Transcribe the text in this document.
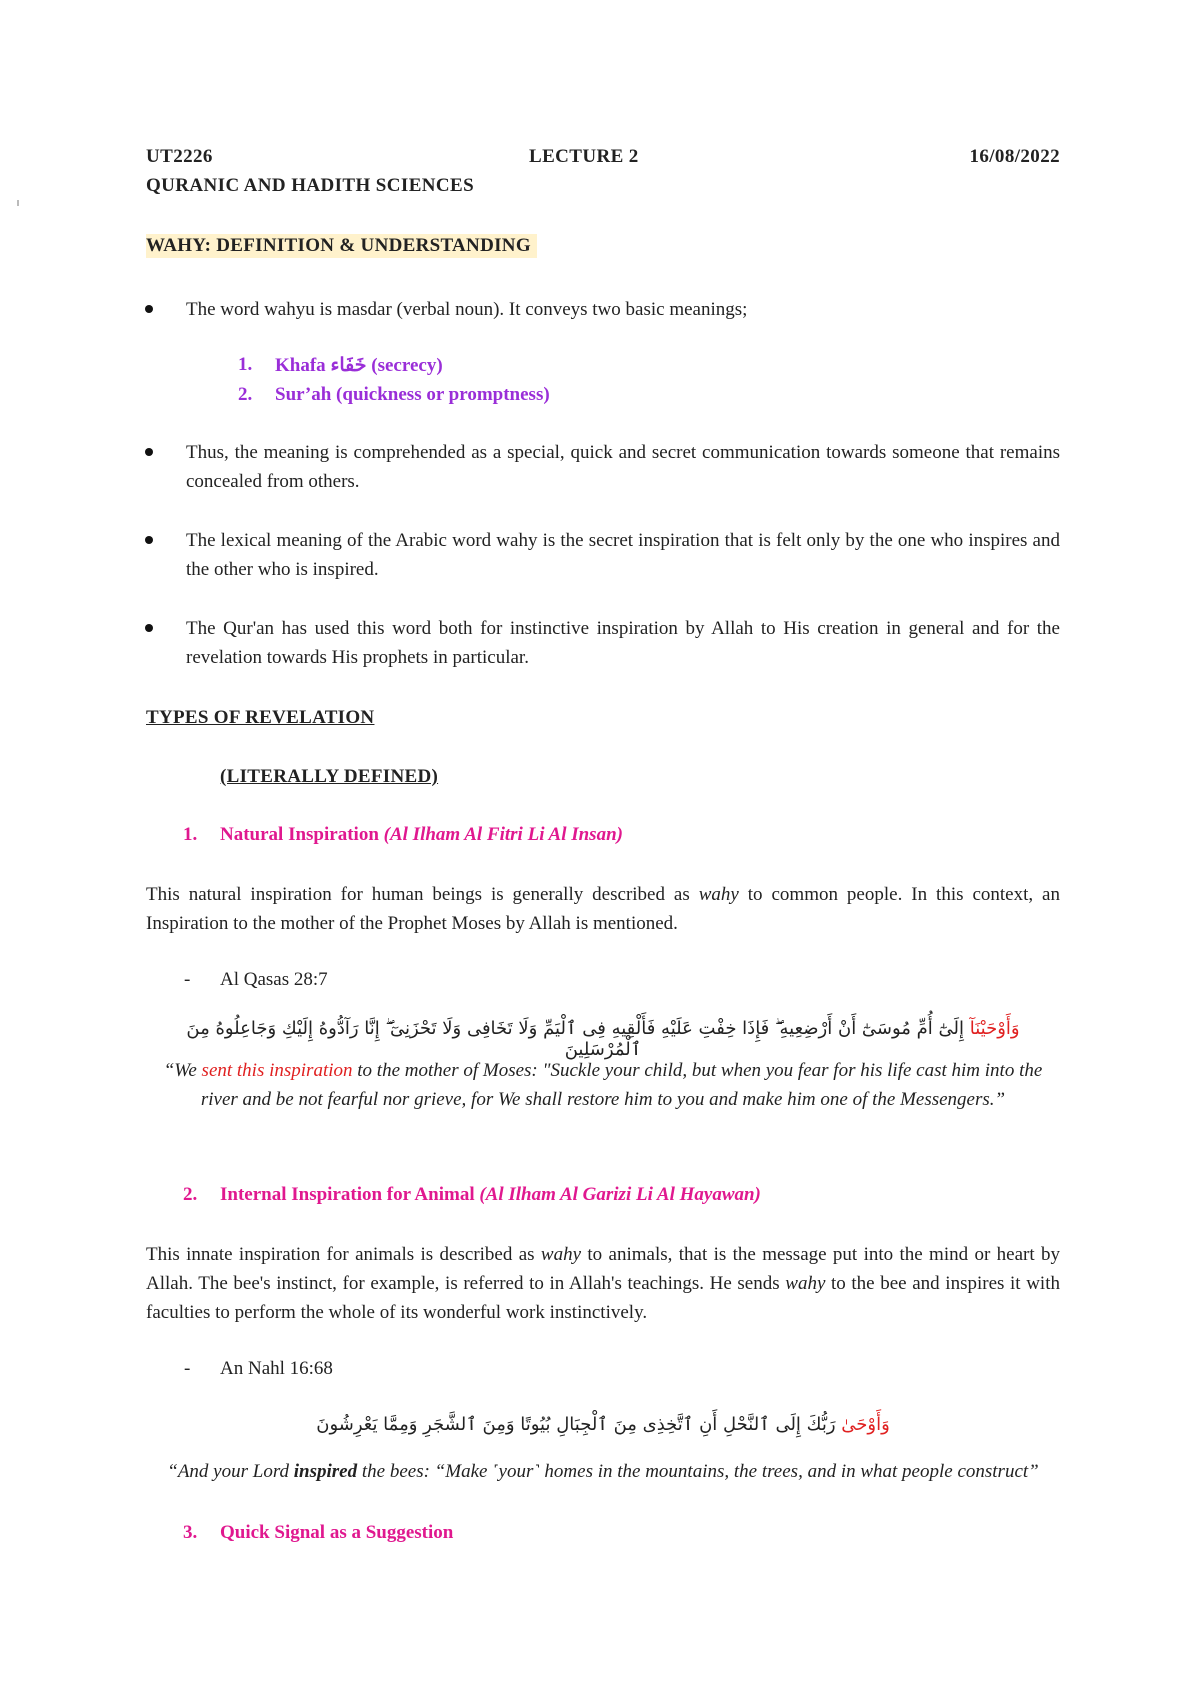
UT2226	LECTURE 2	16/08/2022
QURANIC AND HADITH SCIENCES
WAHY: DEFINITION & UNDERSTANDING
The word wahyu is masdar (verbal noun). It conveys two basic meanings;
1. Khafa خَفَاء (secrecy)
2. Sur’ah (quickness or promptness)
Thus, the meaning is comprehended as a special, quick and secret communication towards someone that remains concealed from others.
The lexical meaning of the Arabic word wahy is the secret inspiration that is felt only by the one who inspires and the other who is inspired.
The Qur'an has used this word both for instinctive inspiration by Allah to His creation in general and for the revelation towards His prophets in particular.
TYPES OF REVELATION
(LITERALLY DEFINED)
1. Natural Inspiration (Al Ilham Al Fitri Li Al Insan)
This natural inspiration for human beings is generally described as wahy to common people. In this context, an Inspiration to the mother of the Prophet Moses by Allah is mentioned.
- Al Qasas 28:7
وَأَوْحَيْنَآ إِلَىٰٓ أُمِّ مُوسَىٰٓ أَنْ أَرْضِعِيهِ ۖ فَإِذَا خِفْتِ عَلَيْهِ فَأَلْقِيهِ فِى ٱلْيَمِّ وَلَا تَخَافِى وَلَا تَحْزَنِىٓ ۖ إِنَّا رَآدُّوهُ إِلَيْكِ وَجَاعِلُوهُ مِنَ ٱلْمُرْسَلِينَ
“We sent this inspiration to the mother of Moses: "Suckle your child, but when you fear for his life cast him into the river and be not fearful nor grieve, for We shall restore him to you and make him one of the Messengers.”
2. Internal Inspiration for Animal (Al Ilham Al Garizi Li Al Hayawan)
This innate inspiration for animals is described as wahy to animals, that is the message put into the mind or heart by Allah. The bee's instinct, for example, is referred to in Allah's teachings. He sends wahy to the bee and inspires it with faculties to perform the whole of its wonderful work instinctively.
- An Nahl 16:68
وَأَوْحَىٰ رَبُّكَ إِلَى ٱلنَّحْلِ أَنِ ٱتَّخِذِى مِنَ ٱلْجِبَالِ بُيُوتًا وَمِنَ ٱلشَّجَرِ وَمِمَّا يَعْرِشُونَ
“And your Lord inspired the bees: “Make ˹your˺ homes in the mountains, the trees, and in what people construct”
3. Quick Signal as a Suggestion
